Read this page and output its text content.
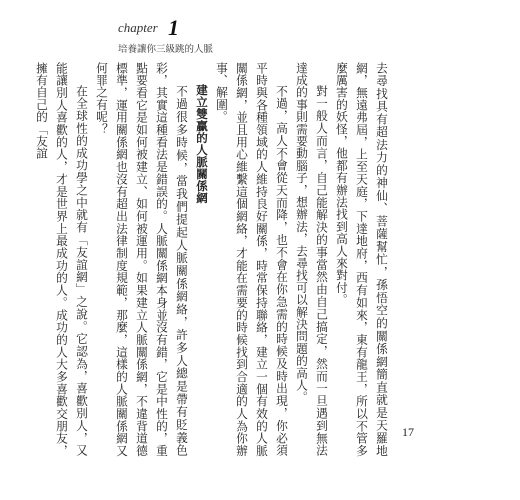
chapter 1
培養讓你三級跳的人脈

去尋找具有超法力的神仙、菩薩幫忙，孫悟空的關係網簡直就是天羅地網，無遠弗屆，上至天庭，下達地府，西有如來，東有龍王，所以不管多麼厲害的妖怪，他都有辦法找到高人來對付。

對一般人而言，自己能解決的事當然由自己搞定，然而一旦遇到無法達成的事則需要動腦子，想辦法，去尋找可以解決問題的高人。

不過，高人不會從天而降，也不會在你急需的時候及時出現，你必須平時與各種領域的人維持良好關係，時常保持聯絡，建立一個有效的人脈關係網，並且用心維繫這個網絡，才能在需要的時候找到合適的人為你辦事、解圍。

建立雙贏的人脈關係網

不過很多時候，當我們提起人脈關係網絡，許多人總是帶有貶義色彩，其實這種看法是錯誤的。人脈關係網本身並沒有錯，它是中性的，重點要看它是如何被建立、如何被運用。如果建立人脈關係網，不違背道德標準，運用關係網也沒有超出法律制度規範，那麼，這樣的人脈關係網又何罪之有呢？

在全球性的成功學之中就有「友誼網」之說。它認為，喜歡別人，又能讓別人喜歡的人，才是世界上最成功的人。成功的人大多喜歡交朋友，擁有自己的「友誼

17
